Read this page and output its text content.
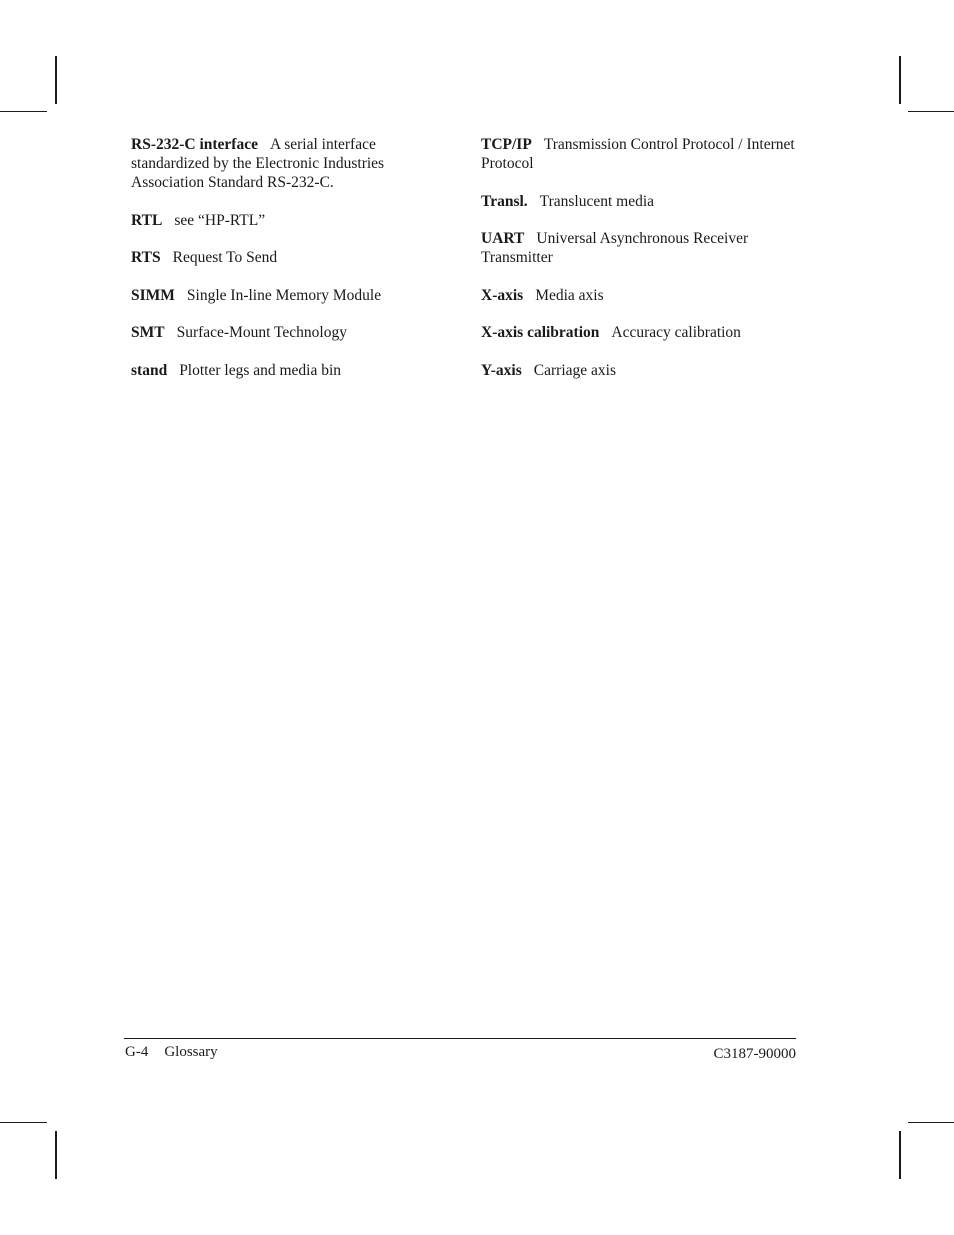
RS-232-C interface A serial interface standardized by the Electronic Industries Association Standard RS-232-C.

RTL see “HP-RTL”

RTS Request To Send

SIMM Single In-line Memory Module

SMT Surface-Mount Technology

stand Plotter legs and media bin

TCP/IP Transmission Control Protocol / Internet Protocol

Transl. Translucent media

UART Universal Asynchronous Receiver Transmitter

X-axis Media axis

X-axis calibration Accuracy calibration

Y-axis Carriage axis

G-4 Glossary	C3187-90000
